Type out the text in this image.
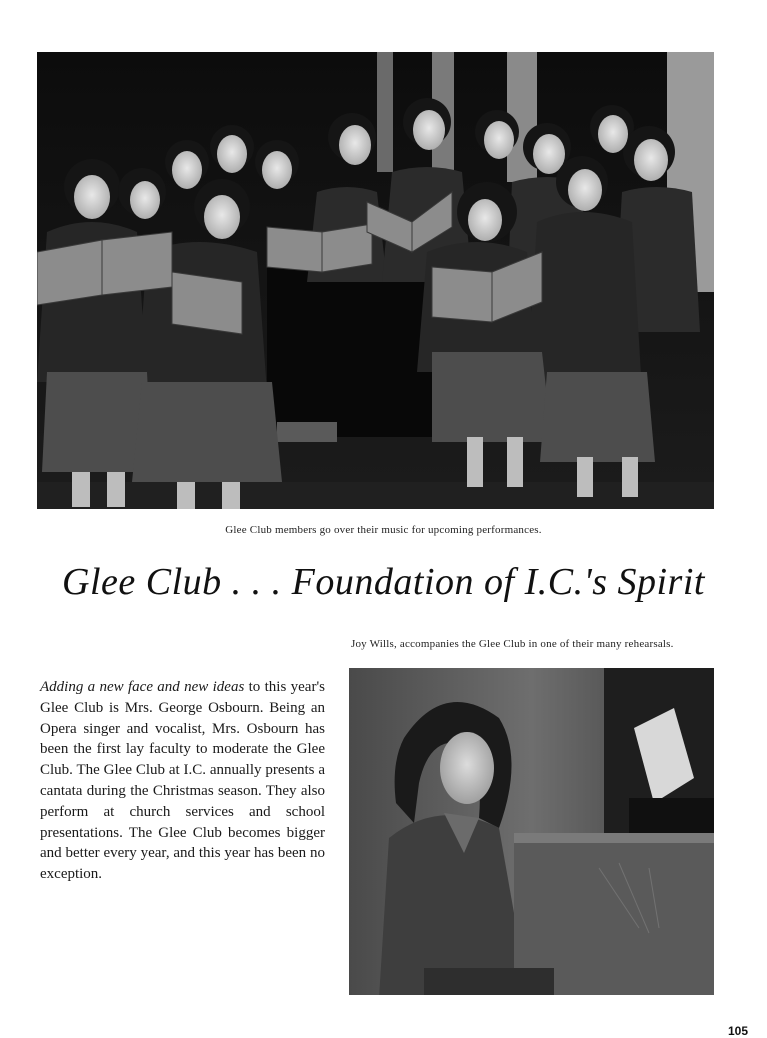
Glee Club members go over their music for upcoming performances.
Glee Club . . . Foundation of I.C.'s Spirit
Joy Wills, accompanies the Glee Club in one of their many rehearsals.
Adding a new face and new ideas to this year's Glee Club is Mrs. George Osbourn. Being an Opera singer and vocalist, Mrs. Osbourn has been the first lay faculty to moderate the Glee Club. The Glee Club at I.C. annually presents a cantata during the Christmas season. They also perform at church services and school presentations. The Glee Club becomes bigger and better every year, and this year has been no exception.
105
